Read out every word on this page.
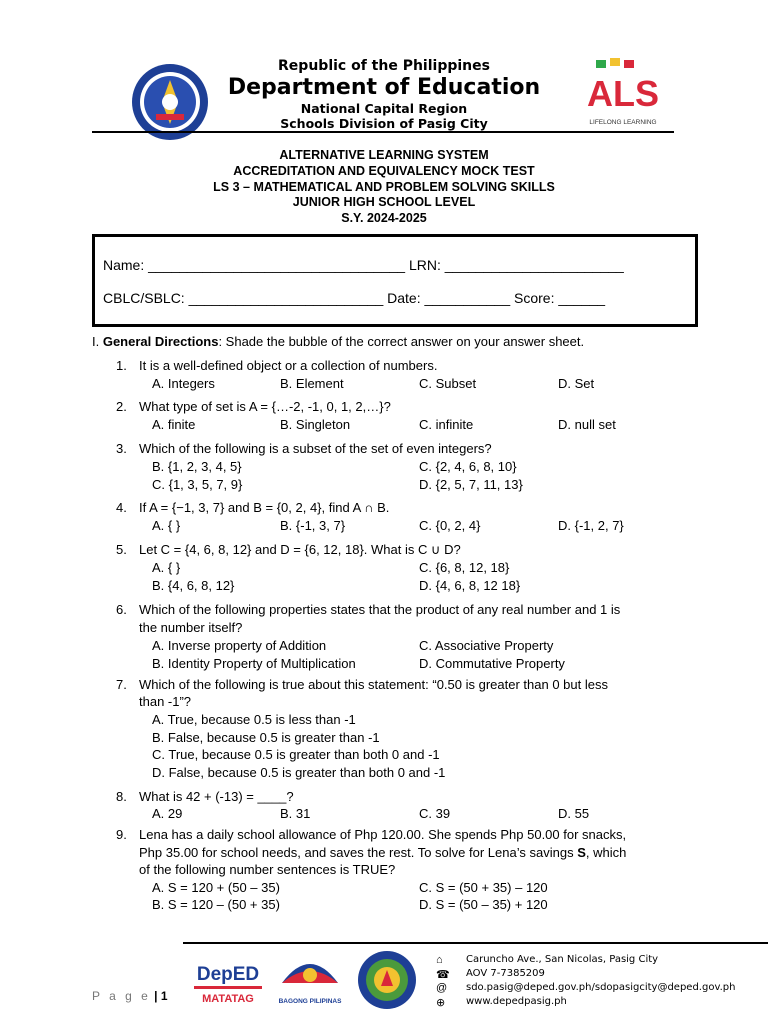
Republic of the Philippines
Department of Education
National Capital Region
Schools Division of Pasig City
ALS
LIFELONG LEARNING
ALTERNATIVE LEARNING SYSTEM
ACCREDITATION AND EQUIVALENCY MOCK TEST
LS 3 – MATHEMATICAL AND PROBLEM SOLVING SKILLS
JUNIOR HIGH SCHOOL LEVEL
S.Y. 2024-2025
Name: _________________________________ LRN: _______________________
CBLC/SBLC: _________________________ Date: ___________ Score: ______
I. General Directions: Shade the bubble of the correct answer on your answer sheet.
1. It is a well-defined object or a collection of numbers.
A. Integers	B. Element	C. Subset	D. Set
2. What type of set is A = {…-2, -1, 0, 1, 2,…}?
A. finite	B. Singleton	C. infinite	D. null set
3. Which of the following is a subset of the set of even integers?
B. {1, 2, 3, 4, 5}	C. {2, 4, 6, 8, 10}
C. {1, 3, 5, 7, 9}	D. {2, 5, 7, 11, 13}
4. If A = {−1, 3, 7} and B = {0, 2, 4}, find A ∩ B.
A. { }	B. {-1, 3, 7}	C. {0, 2, 4}	D. {-1, 2, 7}
5. Let C = {4, 6, 8, 12} and D = {6, 12, 18}. What is C ∪ D?
A. { }	C. {6, 8, 12, 18}
B. {4, 6, 8, 12}	D. {4, 6, 8, 12 18}
6. Which of the following properties states that the product of any real number and 1 is
the number itself?
A. Inverse property of Addition	C. Associative Property
B. Identity Property of Multiplication	D. Commutative Property
7. Which of the following is true about this statement: “0.50 is greater than 0 but less
than -1”?
A. True, because 0.5 is less than -1
B. False, because 0.5 is greater than -1
C. True, because 0.5 is greater than both 0 and -1
D. False, because 0.5 is greater than both 0 and -1
8. What is 42 + (-13) = ____?
A. 29	B. 31	C. 39	D. 55
9. Lena has a daily school allowance of Php 120.00. She spends Php 50.00 for snacks,
Php 35.00 for school needs, and saves the rest. To solve for Lena’s savings S, which
of the following number sentences is TRUE?
A. S = 120 + (50 – 35)	C. S = (50 + 35) – 120
B. S = 120 – (50 + 35)	D. S = (50 – 35) + 120
DepED
MATATAG	BAGONG PILIPINAS
⌂ Caruncho Ave., San Nicolas, Pasig City
☎ AOV 7-7385209
@ sdo.pasig@deped.gov.ph/sdopasigcity@deped.gov.ph
⊕ www.depedpasig.ph
P a g e | 1
